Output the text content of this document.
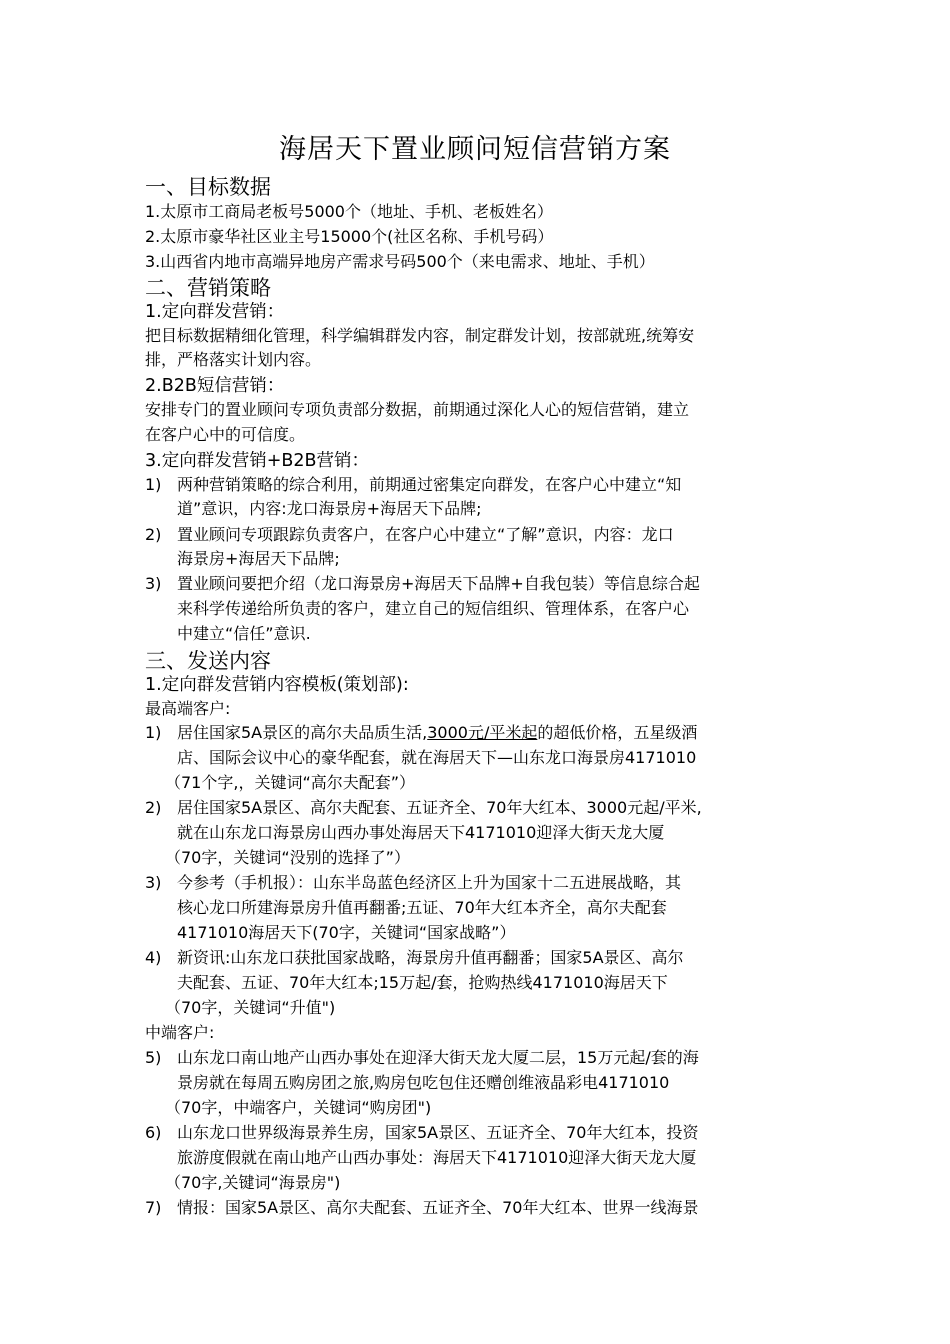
海居天下置业顾问短信营销方案
一、目标数据
1.太原市工商局老板号5000个（地址、手机、老板姓名）
2.太原市豪华社区业主号15000个(社区名称、手机号码）
3.山西省内地市高端异地房产需求号码500个（来电需求、地址、手机）
二、营销策略
1.定向群发营销：
把目标数据精细化管理，科学编辑群发内容，制定群发计划，按部就班,统筹安
排，严格落实计划内容。
2.B2B短信营销：
安排专门的置业顾问专项负责部分数据，前期通过深化人心的短信营销，建立
在客户心中的可信度。
3.定向群发营销+B2B营销：
1) 两种营销策略的综合利用，前期通过密集定向群发，在客户心中建立“知
道”意识，内容:龙口海景房+海居天下品牌;
2) 置业顾问专项跟踪负责客户，在客户心中建立“了解”意识，内容：龙口
海景房+海居天下品牌;
3) 置业顾问要把介绍（龙口海景房+海居天下品牌+自我包装）等信息综合起
来科学传递给所负责的客户，建立自己的短信组织、管理体系，在客户心
中建立“信任”意识.
三、发送内容
1.定向群发营销内容模板(策划部):
最高端客户:
1) 居住国家5A景区的高尔夫品质生活,3000元/平米起的超低价格，五星级酒
店、国际会议中心的豪华配套，就在海居天下—山东龙口海景房4171010
（71个字,，关键词“高尔夫配套”）
2) 居住国家5A景区、高尔夫配套、五证齐全、70年大红本、3000元起/平米,
就在山东龙口海景房山西办事处海居天下4171010迎泽大街天龙大厦
（70字，关键词“没别的选择了”）
3) 今参考（手机报）：山东半岛蓝色经济区上升为国家十二五进展战略，其
核心龙口所建海景房升值再翻番;五证、70年大红本齐全，高尔夫配套
4171010海居天下(70字，关键词“国家战略”）
4) 新资讯:山东龙口获批国家战略，海景房升值再翻番；国家5A景区、高尔
夫配套、五证、70年大红本;15万起/套，抢购热线4171010海居天下
（70字，关键词“升值")
中端客户:
5) 山东龙口南山地产山西办事处在迎泽大街天龙大厦二层，15万元起/套的海
景房就在每周五购房团之旅,购房包吃包住还赠创维液晶彩电4171010
（70字，中端客户，关键词“购房团")
6) 山东龙口世界级海景养生房，国家5A景区、五证齐全、70年大红本，投资
旅游度假就在南山地产山西办事处：海居天下4171010迎泽大街天龙大厦
（70字,关键词“海景房")
7) 情报：国家5A景区、高尔夫配套、五证齐全、70年大红本、世界一线海景
